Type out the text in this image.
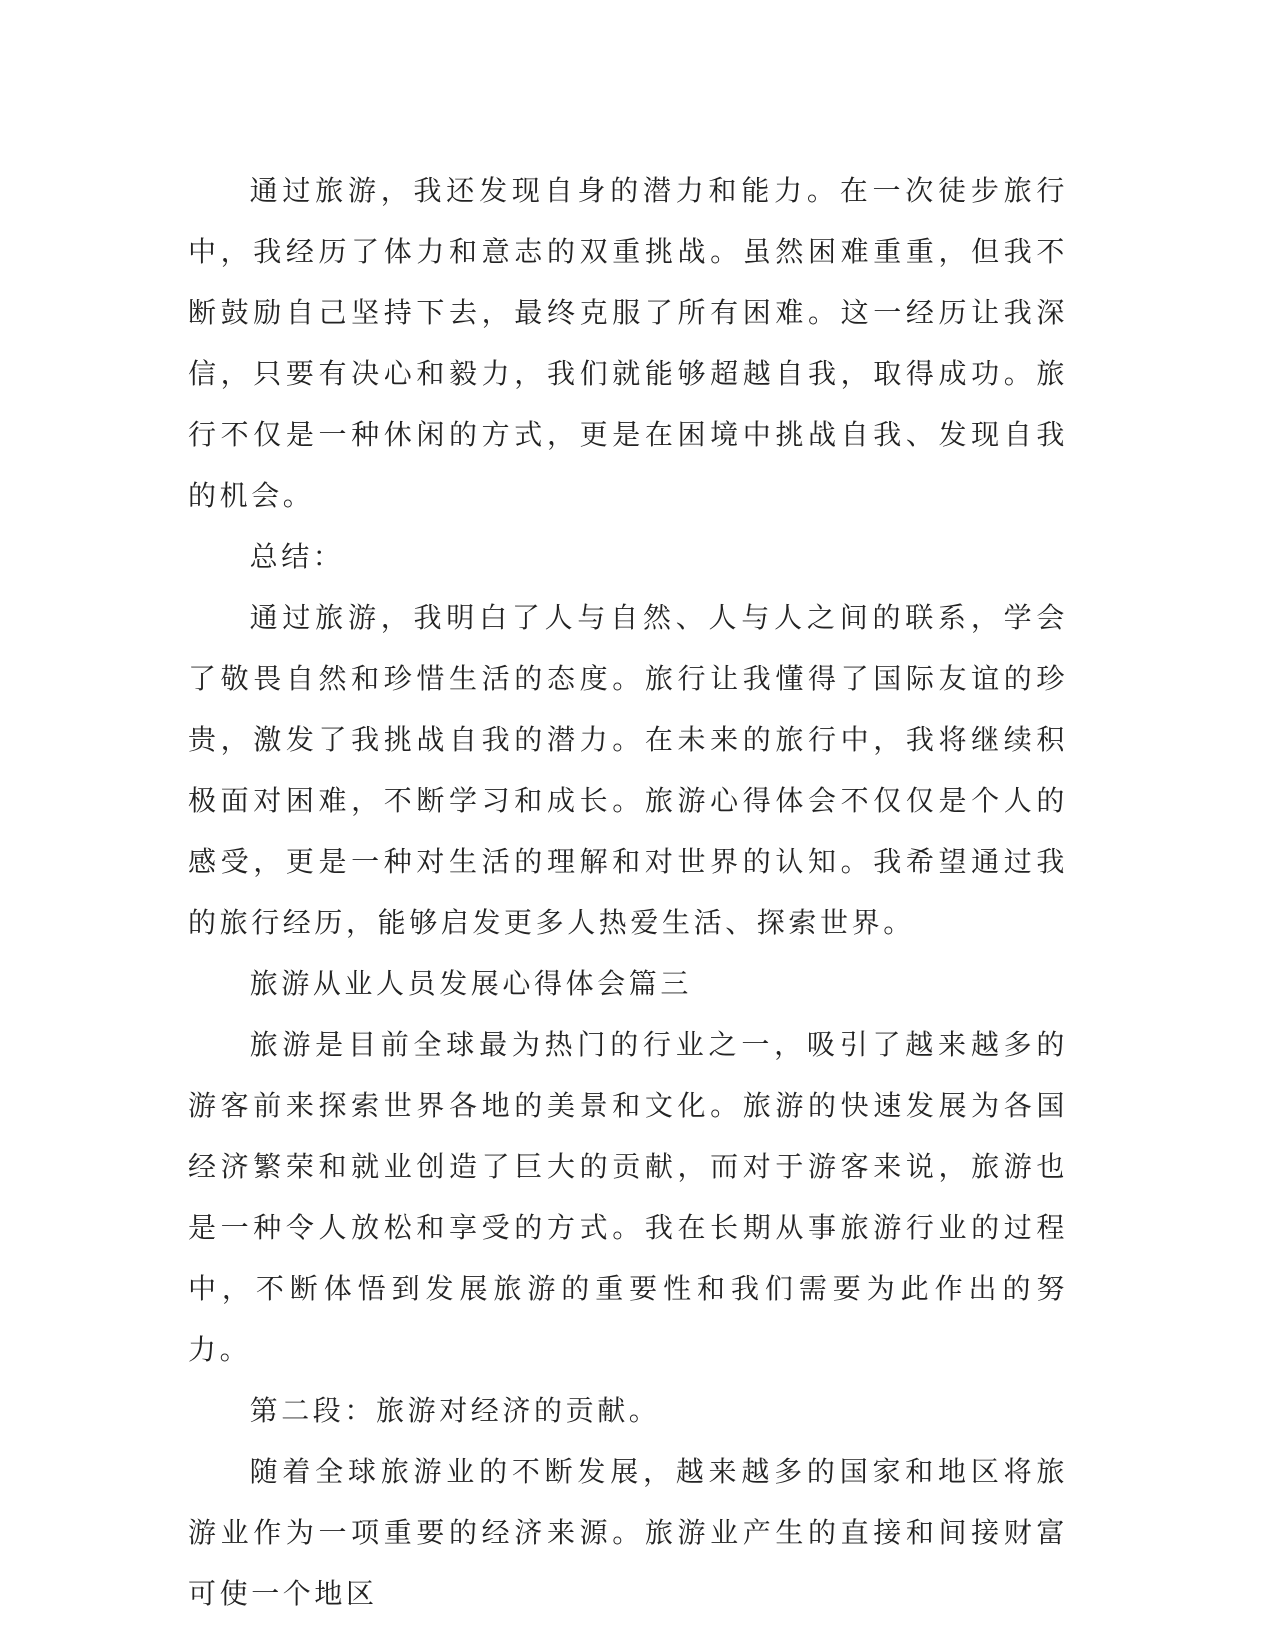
通过旅游，我还发现自身的潜力和能力。在一次徒步旅行中，我经历了体力和意志的双重挑战。虽然困难重重，但我不断鼓励自己坚持下去，最终克服了所有困难。这一经历让我深信，只要有决心和毅力，我们就能够超越自我，取得成功。旅行不仅是一种休闲的方式，更是在困境中挑战自我、发现自我的机会。

总结：

通过旅游，我明白了人与自然、人与人之间的联系，学会了敬畏自然和珍惜生活的态度。旅行让我懂得了国际友谊的珍贵，激发了我挑战自我的潜力。在未来的旅行中，我将继续积极面对困难，不断学习和成长。旅游心得体会不仅仅是个人的感受，更是一种对生活的理解和对世界的认知。我希望通过我的旅行经历，能够启发更多人热爱生活、探索世界。

旅游从业人员发展心得体会篇三

旅游是目前全球最为热门的行业之一，吸引了越来越多的游客前来探索世界各地的美景和文化。旅游的快速发展为各国经济繁荣和就业创造了巨大的贡献，而对于游客来说，旅游也是一种令人放松和享受的方式。我在长期从事旅游行业的过程中，不断体悟到发展旅游的重要性和我们需要为此作出的努力。

第二段：旅游对经济的贡献。

随着全球旅游业的不断发展，越来越多的国家和地区将旅游业作为一项重要的经济来源。旅游业产生的直接和间接财富可使一个地区
